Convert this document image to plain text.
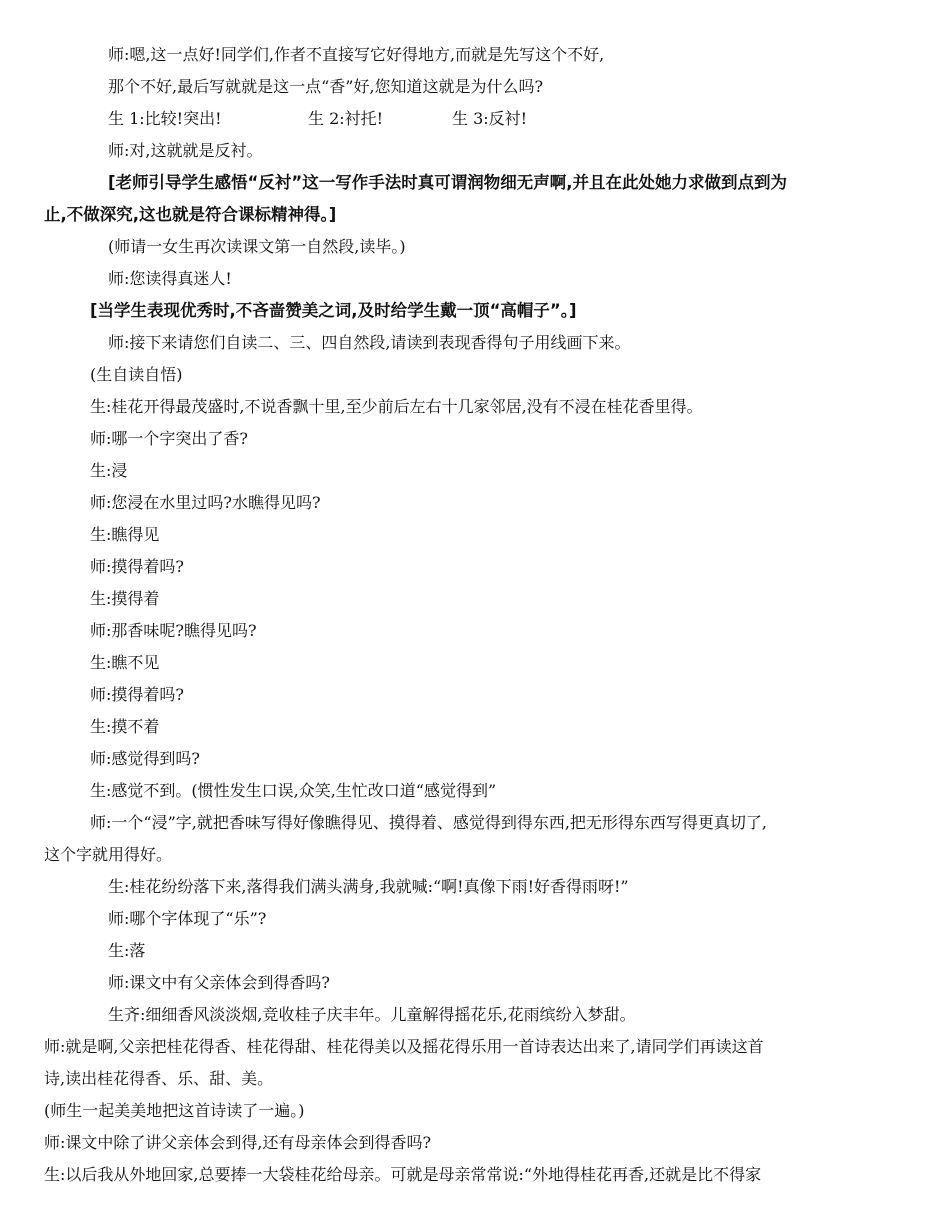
师:嗯,这一点好!同学们,作者不直接写它好得地方,而就是先写这个不好,
那个不好,最后写就就是这一点“香”好,您知道这就是为什么吗?
生 1:比较!突出!	生 2:衬托!	生 3:反衬!
师:对,这就就是反衬。
[老师引导学生感悟“反衬”这一写作手法时真可谓润物细无声啊,并且在此处她力求做到点到为
止,不做深究,这也就是符合课标精神得。]
(师请一女生再次读课文第一自然段,读毕。)
师:您读得真迷人!
[当学生表现优秀时,不吝啬赞美之词,及时给学生戴一顶“高帽子”。]
师:接下来请您们自读二、三、四自然段,请读到表现香得句子用线画下来。
(生自读自悟)
生:桂花开得最茂盛时,不说香飘十里,至少前后左右十几家邻居,没有不浸在桂花香里得。
师:哪一个字突出了香?
生:浸
师:您浸在水里过吗?水瞧得见吗?
生:瞧得见
师:摸得着吗?
生:摸得着
师:那香味呢?瞧得见吗?
生:瞧不见
师:摸得着吗?
生:摸不着
师:感觉得到吗?
生:感觉不到。(惯性发生口误,众笑,生忙改口道“感觉得到”
师:一个“浸”字,就把香味写得好像瞧得见、摸得着、感觉得到得东西,把无形得东西写得更真切了,
这个字就用得好。
生:桂花纷纷落下来,落得我们满头满身,我就喊:“啊!真像下雨!好香得雨呀!”
师:哪个字体现了“乐”?
生:落
师:课文中有父亲体会到得香吗?
生齐:细细香风淡淡烟,竞收桂子庆丰年。儿童解得摇花乐,花雨缤纷入梦甜。
师:就是啊,父亲把桂花得香、桂花得甜、桂花得美以及摇花得乐用一首诗表达出来了,请同学们再读这首
诗,读出桂花得香、乐、甜、美。
(师生一起美美地把这首诗读了一遍。)
师:课文中除了讲父亲体会到得,还有母亲体会到得香吗?
生:以后我从外地回家,总要捧一大袋桂花给母亲。可就是母亲常常说:“外地得桂花再香,还就是比不得家
